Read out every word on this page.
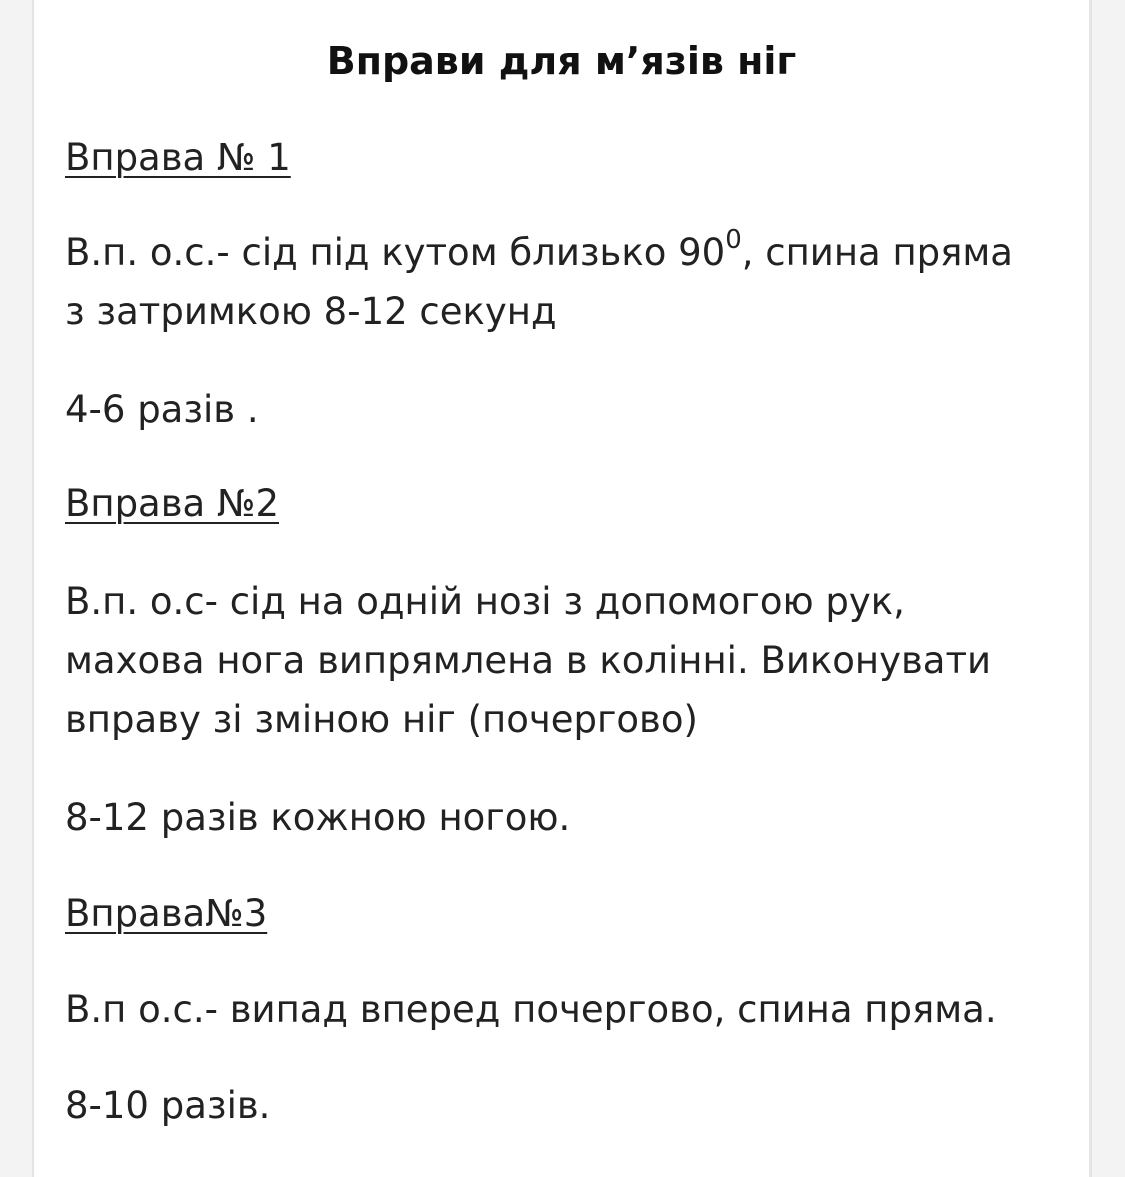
Вправи для м’язів ніг
Вправа № 1
В.п. о.с.- сід під кутом близько $90^0$, спина пряма
з затримкою 8-12 секунд
4-6 разів .
Вправа №2
В.п. о.с- сід на одній нозі з допомогою рук,
махова нога випрямлена в колінні. Виконувати
вправу зі зміною ніг (почергово)
8-12 разів кожною ногою.
Вправа№3
В.п о.с.- випад вперед почергово, спина пряма.
8-10 разів.
